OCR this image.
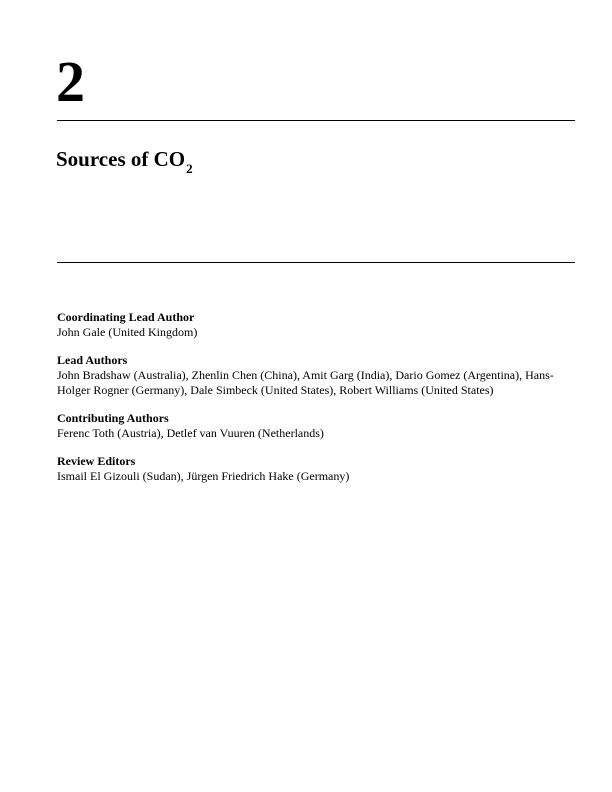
2
Sources of $CO_2$

Coordinating Lead Author

John Gale (United Kingdom)

Lead Authors

John Bradshaw (Australia), Zhenlin Chen (China), Amit Garg (India), Dario Gomez (Argentina), Hans-Holger Rogner (Germany), Dale Simbeck (United States), Robert Williams (United States)

Contributing Authors

Ferenc Toth (Austria), Detlef van Vuuren (Netherlands)

Review Editors

Ismail El Gizouli (Sudan), Jürgen Friedrich Hake (Germany)
